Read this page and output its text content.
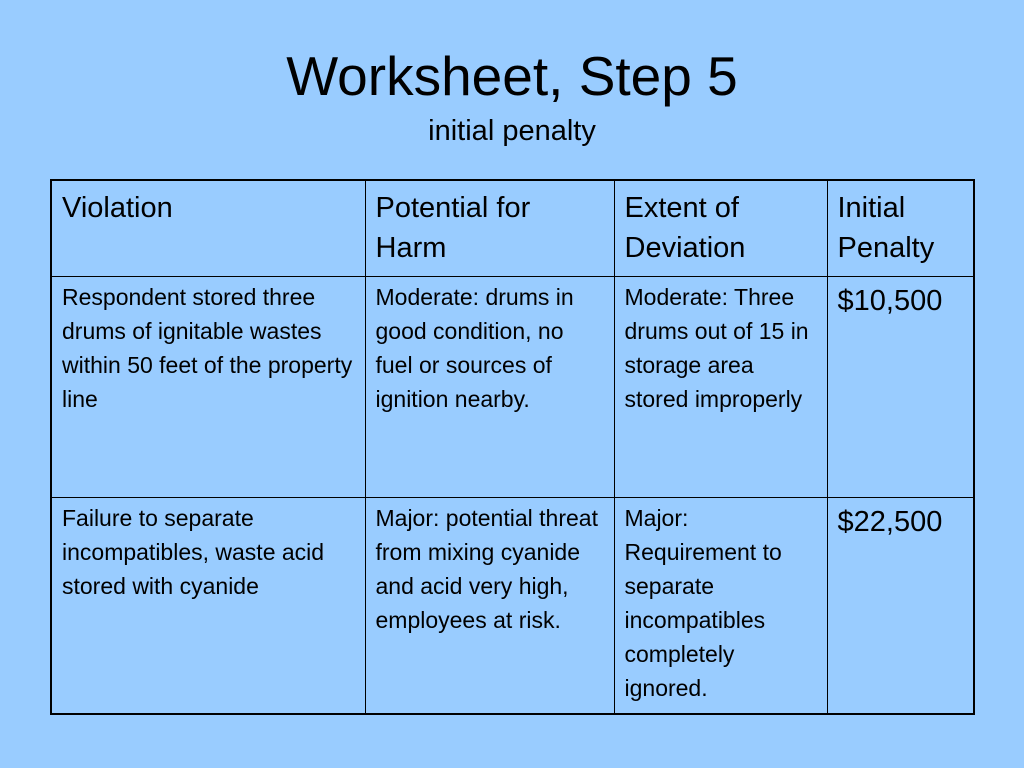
Worksheet, Step 5
initial penalty
Violation	Potential for Harm	Extent of Deviation	Initial Penalty
Respondent stored three drums of ignitable wastes within 50 feet of the property line	Moderate: drums in good condition, no fuel or sources of ignition nearby.	Moderate: Three drums out of 15 in storage area stored improperly	$10,500
Failure to separate incompatibles, waste acid stored with cyanide	Major: potential threat from mixing cyanide and acid very high, employees at risk.	Major: Requirement to separate incompatibles completely ignored.	$22,500
